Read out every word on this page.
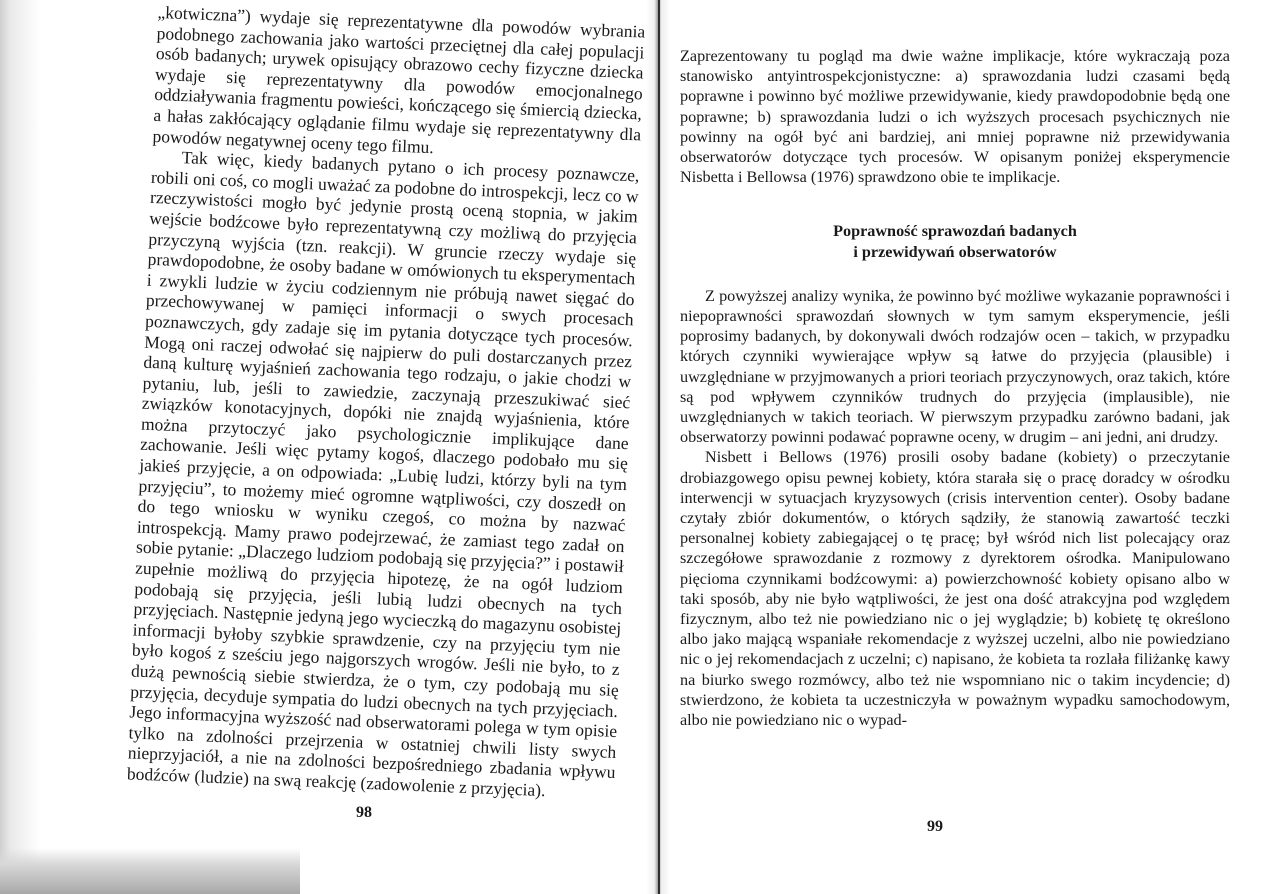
„kotwiczna”) wydaje się reprezentatywne dla powodów wybrania podobnego zachowania jako wartości przeciętnej dla całej populacji osób badanych; urywek opisujący obrazowo cechy fizyczne dziecka wydaje się reprezentatywny dla powodów emocjonalnego oddziaływania fragmentu powieści, kończącego się śmiercią dziecka, a hałas zakłócający oglądanie filmu wydaje się reprezentatywny dla powodów negatywnej oceny tego filmu.

Tak więc, kiedy badanych pytano o ich procesy poznawcze, robili oni coś, co mogli uważać za podobne do introspekcji, lecz co w rzeczywistości mogło być jedynie prostą oceną stopnia, w jakim wejście bodźcowe było reprezentatywną czy możliwą do przyjęcia przyczyną wyjścia (tzn. reakcji). W gruncie rzeczy wydaje się prawdopodobne, że osoby badane w omówionych tu eksperymentach i zwykli ludzie w życiu codziennym nie próbują nawet sięgać do przechowywanej w pamięci informacji o swych procesach poznawczych, gdy zadaje się im pytania dotyczące tych procesów. Mogą oni raczej odwołać się najpierw do puli dostarczanych przez daną kulturę wyjaśnień zachowania tego rodzaju, o jakie chodzi w pytaniu, lub, jeśli to zawiedzie, zaczynają przeszukiwać sieć związków konotacyjnych, dopóki nie znajdą wyjaśnienia, które można przytoczyć jako psychologicznie implikujące dane zachowanie. Jeśli więc pytamy kogoś, dlaczego podobało mu się jakieś przyjęcie, a on odpowiada: „Lubię ludzi, którzy byli na tym przyjęciu”, to możemy mieć ogromne wątpliwości, czy doszedł on do tego wniosku w wyniku czegoś, co można by nazwać introspekcją. Mamy prawo podejrzewać, że zamiast tego zadał on sobie pytanie: „Dlaczego ludziom podobają się przyjęcia?” i postawił zupełnie możliwą do przyjęcia hipotezę, że na ogół ludziom podobają się przyjęcia, jeśli lubią ludzi obecnych na tych przyjęciach. Następnie jedyną jego wycieczką do magazynu osobistej informacji byłoby szybkie sprawdzenie, czy na przyjęciu tym nie było kogoś z sześciu jego najgorszych wrogów. Jeśli nie było, to z dużą pewnością siebie stwierdza, że o tym, czy podobają mu się przyjęcia, decyduje sympatia do ludzi obecnych na tych przyjęciach. Jego informacyjna wyższość nad obserwatorami polega w tym opisie tylko na zdolności przejrzenia w ostatniej chwili listy swych nieprzyjaciół, a nie na zdolności bezpośredniego zbadania wpływu bodźców (ludzie) na swą reakcję (zadowolenie z przyjęcia).

98

Zaprezentowany tu pogląd ma dwie ważne implikacje, które wykraczają poza stanowisko antyintrospekcjonistyczne: a) sprawozdania ludzi czasami będą poprawne i powinno być możliwe przewidywanie, kiedy prawdopodobnie będą one poprawne; b) sprawozdania ludzi o ich wyższych procesach psychicznych nie powinny na ogół być ani bardziej, ani mniej poprawne niż przewidywania obserwatorów dotyczące tych procesów. W opisanym poniżej eksperymencie Nisbetta i Bellowsa (1976) sprawdzono obie te implikacje.

Poprawność sprawozdań badanych
i przewidywań obserwatorów

Z powyższej analizy wynika, że powinno być możliwe wykazanie poprawności i niepoprawności sprawozdań słownych w tym samym eksperymencie, jeśli poprosimy badanych, by dokonywali dwóch rodzajów ocen – takich, w przypadku których czynniki wywierające wpływ są łatwe do przyjęcia (plausible) i uwzględniane w przyjmowanych a priori teoriach przyczynowych, oraz takich, które są pod wpływem czynników trudnych do przyjęcia (implausible), nie uwzględnianych w takich teoriach. W pierwszym przypadku zarówno badani, jak obserwatorzy powinni podawać poprawne oceny, w drugim – ani jedni, ani drudzy.

Nisbett i Bellows (1976) prosili osoby badane (kobiety) o przeczytanie drobiazgowego opisu pewnej kobiety, która starała się o pracę doradcy w ośrodku interwencji w sytuacjach kryzysowych (crisis intervention center). Osoby badane czytały zbiór dokumentów, o których sądziły, że stanowią zawartość teczki personalnej kobiety zabiegającej o tę pracę; był wśród nich list polecający oraz szczegółowe sprawozdanie z rozmowy z dyrektorem ośrodka. Manipulowano pięcioma czynnikami bodźcowymi: a) powierzchowność kobiety opisano albo w taki sposób, aby nie było wątpliwości, że jest ona dość atrakcyjna pod względem fizycznym, albo też nie powiedziano nic o jej wyglądzie; b) kobietę tę określono albo jako mającą wspaniałe rekomendacje z wyższej uczelni, albo nie powiedziano nic o jej rekomendacjach z uczelni; c) napisano, że kobieta ta rozlała filiżankę kawy na biurko swego rozmówcy, albo też nie wspomniano nic o takim incydencie; d) stwierdzono, że kobieta ta uczestniczyła w poważnym wypadku samochodowym, albo nie powiedziano nic o wypad-

99
